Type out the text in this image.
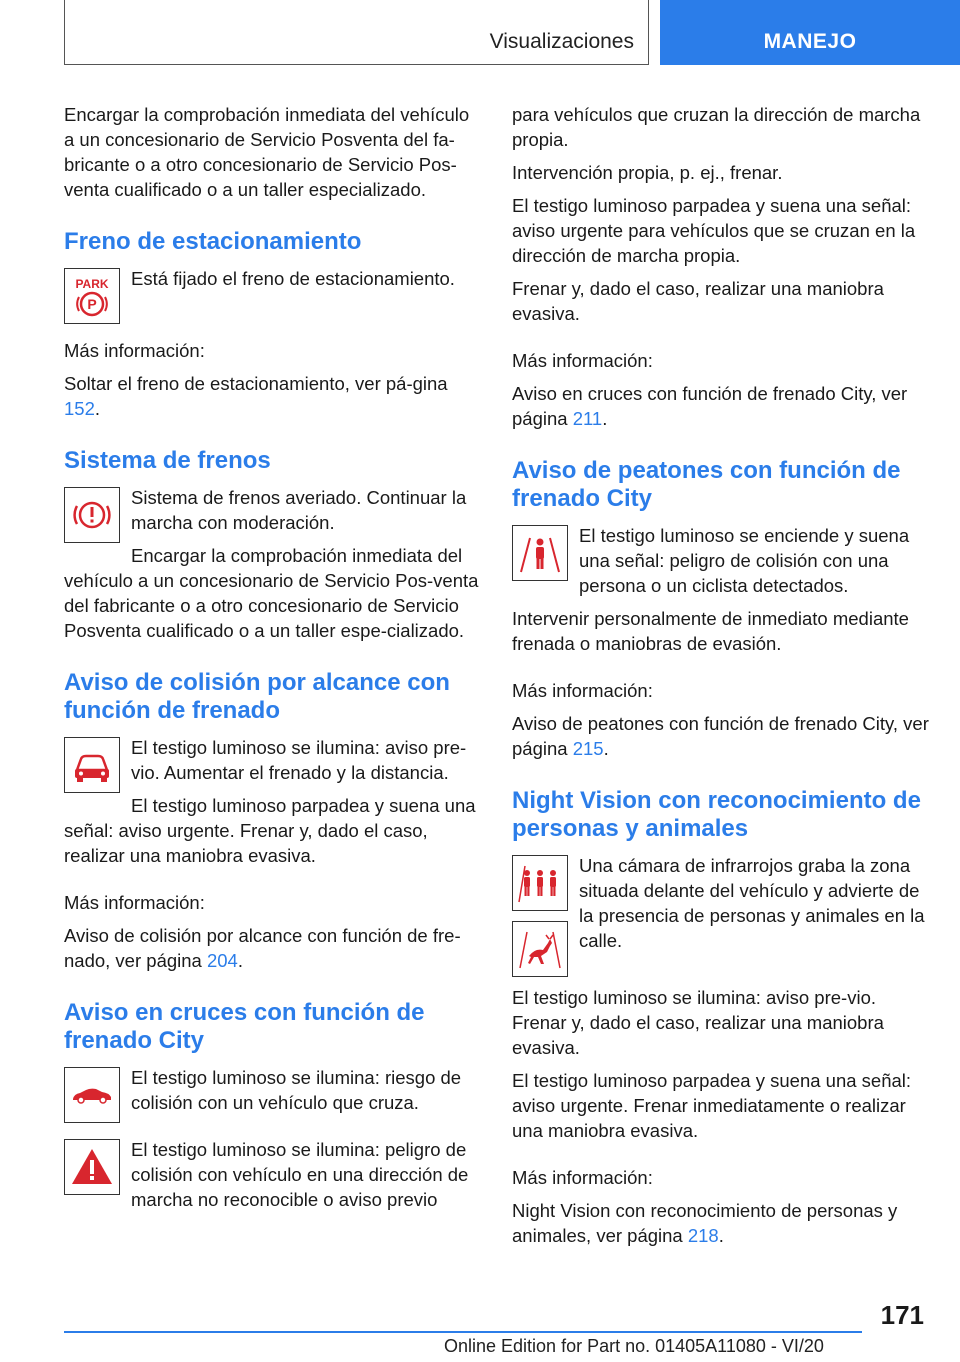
Visualizaciones	MANEJO

Encargar la comprobación inmediata del vehículo a un concesionario de Servicio Posventa del fa-bricante o a otro concesionario de Servicio Pos-venta cualificado o a un taller especializado.

Freno de estacionamiento
PARK
P

Está fijado el freno de estacionamiento.

Más información:

Soltar el freno de estacionamiento, ver pá-gina 152.

Sistema de frenos

Sistema de frenos averiado. Continuar la marcha con moderación.

Encargar la comprobación inmediata del vehículo a un concesionario de Servicio Pos-venta del fabricante o a otro concesionario de Servicio Posventa cualificado o a un taller espe-cializado.

Aviso de colisión por alcance con función de frenado

El testigo luminoso se ilumina: aviso pre-vio. Aumentar el frenado y la distancia.

El testigo luminoso parpadea y suena una señal: aviso urgente. Frenar y, dado el caso, realizar una maniobra evasiva.

Más información:

Aviso de colisión por alcance con función de fre-nado, ver página 204.

Aviso en cruces con función de frenado City

El testigo luminoso se ilumina: riesgo de colisión con un vehículo que cruza.

El testigo luminoso se ilumina: peligro de colisión con vehículo en una dirección de marcha no reconocible o aviso previo

para vehículos que cruzan la dirección de marcha propia.

Intervención propia, p. ej., frenar.

El testigo luminoso parpadea y suena una señal: aviso urgente para vehículos que se cruzan en la dirección de marcha propia.

Frenar y, dado el caso, realizar una maniobra evasiva.

Más información:

Aviso en cruces con función de frenado City, ver página 211.

Aviso de peatones con función de frenado City

El testigo luminoso se enciende y suena una señal: peligro de colisión con una persona o un ciclista detectados.

Intervenir personalmente de inmediato mediante frenada o maniobras de evasión.

Más información:

Aviso de peatones con función de frenado City, ver página 215.

Night Vision con reconocimiento de personas y animales

Una cámara de infrarrojos graba la zona situada delante del vehículo y advierte de la presencia de personas y animales en la calle.

El testigo luminoso se ilumina: aviso pre-vio. Frenar y, dado el caso, realizar una maniobra evasiva.

El testigo luminoso parpadea y suena una señal: aviso urgente. Frenar inmediatamente o realizar una maniobra evasiva.

Más información:

Night Vision con reconocimiento de personas y animales, ver página 218.

171
Online Edition for Part no. 01405A11080 - VI/20
